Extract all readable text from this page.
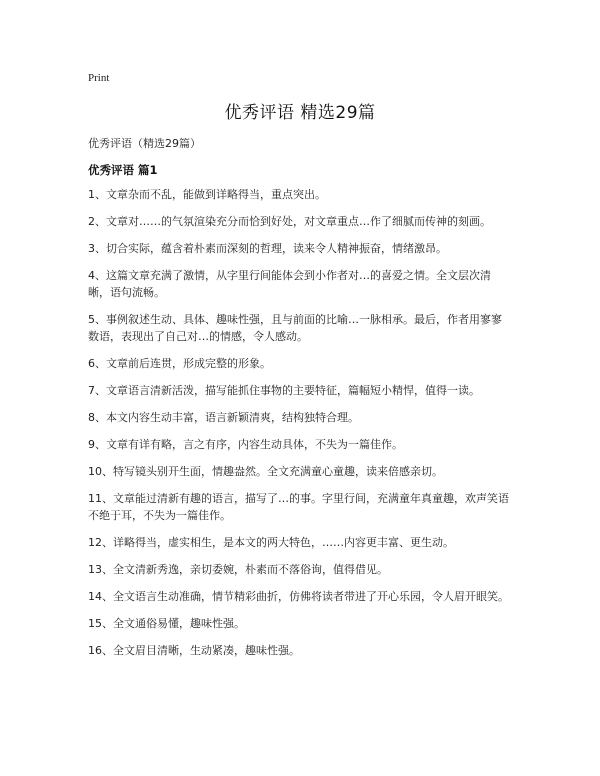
Print
优秀评语 精选29篇
优秀评语（精选29篇）
优秀评语 篇1
1、文章杂而不乱，能做到详略得当，重点突出。
2、文章对……的气氛渲染充分而恰到好处，对文章重点…作了细腻而传神的刻画。
3、切合实际，蕴含着朴素而深刻的哲理，读来令人精神振奋，情绪激昂。
4、这篇文章充满了激情，从字里行间能体会到小作者对…的喜爱之情。全文层次清晰，语句流畅。
5、事例叙述生动、具体、趣味性强，且与前面的比喻…一脉相承。最后，作者用寥寥数语，表现出了自己对…的情感，令人感动。
6、文章前后连贯，形成完整的形象。
7、文章语言清新活泼，描写能抓住事物的主要特征，篇幅短小精悍，值得一读。
8、本文内容生动丰富，语言新颖清爽，结构独特合理。
9、文章有详有略，言之有序，内容生动具体，不失为一篇佳作。
10、特写镜头别开生面，情趣盎然。全文充满童心童趣，读来倍感亲切。
11、文章能过清新有趣的语言，描写了…的事。字里行间，充满童年真童趣，欢声笑语不绝于耳，不失为一篇佳作。
12、详略得当，虚实相生，是本文的两大特色，……内容更丰富、更生动。
13、全文清新秀逸，亲切委婉，朴素而不落俗询，值得借见。
14、全文语言生动准确，情节精彩曲折，仿佛将读者带进了开心乐园，令人眉开眼笑。
15、全文通俗易懂，趣味性强。
16、全文眉目清晰，生动紧凑，趣味性强。
